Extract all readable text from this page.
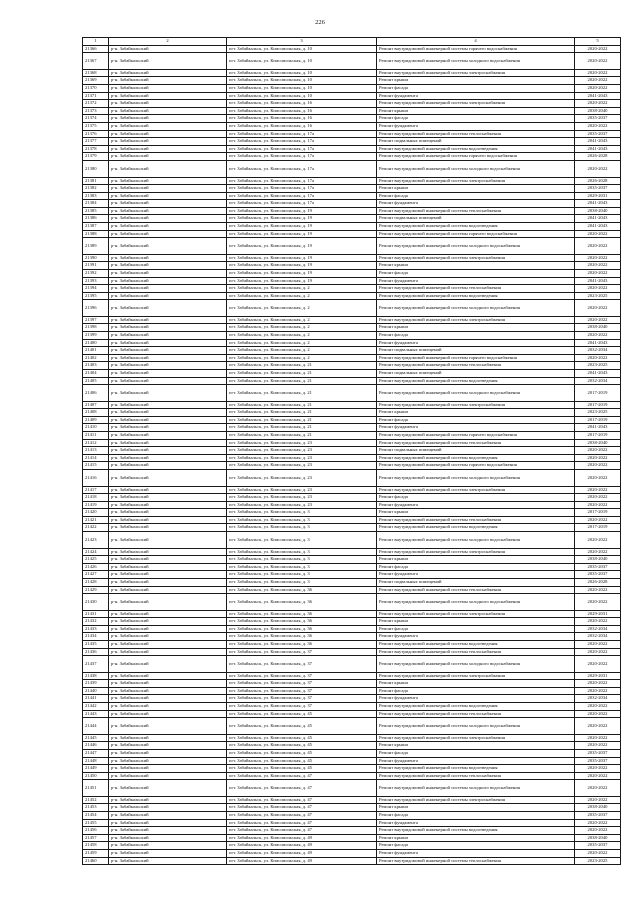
226
1	2	3	4	5
21366	р-н. Забайкальский	пгт. Забайкальск, ул. Комсомольская, д. 10	Ремонт внутридомовой инженерной системы горячего водоснабжения	2020-2022
21367	р-н. Забайкальский	пгт. Забайкальск, ул. Комсомольская, д. 10	Ремонт внутридомовой инженерной системы холодного водоснабжения	2020-2022
21368	р-н. Забайкальский	пгт. Забайкальск, ул. Комсомольская, д. 10	Ремонт внутридомовой инженерной системы электроснабжения	2020-2022
21369	р-н. Забайкальский	пгт. Забайкальск, ул. Комсомольская, д. 10	Ремонт крыши	2020-2022
21370	р-н. Забайкальский	пгт. Забайкальск, ул. Комсомольская, д. 10	Ремонт фасада	2020-2022
21371	р-н. Забайкальский	пгт. Забайкальск, ул. Комсомольская, д. 10	Ремонт фундамента	2041-2043
21372	р-н. Забайкальский	пгт. Забайкальск, ул. Комсомольская, д. 16	Ремонт внутридомовой инженерной системы электроснабжения	2020-2022
21373	р-н. Забайкальский	пгт. Забайкальск, ул. Комсомольская, д. 16	Ремонт крыши	2038-2040
21374	р-н. Забайкальский	пгт. Забайкальск, ул. Комсомольская, д. 16	Ремонт фасада	2035-2037
21375	р-н. Забайкальский	пгт. Забайкальск, ул. Комсомольская, д. 16	Ремонт фундамента	2020-2022
21376	р-н. Забайкальский	пгт. Забайкальск, ул. Комсомольская, д. 17а	Ремонт внутридомовой инженерной системы теплоснабжения	2035-2037
21377	р-н. Забайкальский	пгт. Забайкальск, ул. Комсомольская, д. 17а	Ремонт подвальных помещений	2041-2043
21378	р-н. Забайкальский	пгт. Забайкальск, ул. Комсомольская, д. 17а	Ремонт внутридомовой инженерной системы водоотведения	2041-2043
21379	р-н. Забайкальский	пгт. Забайкальск, ул. Комсомольская, д. 17а	Ремонт внутридомовой инженерной системы горячего водоснабжения	2026-2028
21380	р-н. Забайкальский	пгт. Забайкальск, ул. Комсомольская, д. 17а	Ремонт внутридомовой инженерной системы холодного водоснабжения	2020-2022
21381	р-н. Забайкальский	пгт. Забайкальск, ул. Комсомольская, д. 17а	Ремонт внутридомовой инженерной системы электроснабжения	2026-2028
21382	р-н. Забайкальский	пгт. Забайкальск, ул. Комсомольская, д. 17а	Ремонт крыши	2035-2037
21383	р-н. Забайкальский	пгт. Забайкальск, ул. Комсомольская, д. 17а	Ремонт фасада	2029-2031
21384	р-н. Забайкальский	пгт. Забайкальск, ул. Комсомольская, д. 17а	Ремонт фундамента	2041-2043
21385	р-н. Забайкальский	пгт. Забайкальск, ул. Комсомольская, д. 19	Ремонт внутридомовой инженерной системы теплоснабжения	2038-2040
21386	р-н. Забайкальский	пгт. Забайкальск, ул. Комсомольская, д. 19	Ремонт подвальных помещений	2041-2043
21387	р-н. Забайкальский	пгт. Забайкальск, ул. Комсомольская, д. 19	Ремонт внутридомовой инженерной системы водоотведения	2041-2043
21388	р-н. Забайкальский	пгт. Забайкальск, ул. Комсомольская, д. 19	Ремонт внутридомовой инженерной системы горячего водоснабжения	2020-2022
21389	р-н. Забайкальский	пгт. Забайкальск, ул. Комсомольская, д. 19	Ремонт внутридомовой инженерной системы холодного водоснабжения	2020-2022
21390	р-н. Забайкальский	пгт. Забайкальск, ул. Комсомольская, д. 19	Ремонт внутридомовой инженерной системы электроснабжения	2020-2022
21391	р-н. Забайкальский	пгт. Забайкальск, ул. Комсомольская, д. 19	Ремонт крыши	2020-2022
21392	р-н. Забайкальский	пгт. Забайкальск, ул. Комсомольская, д. 19	Ремонт фасада	2020-2022
21393	р-н. Забайкальский	пгт. Забайкальск, ул. Комсомольская, д. 19	Ремонт фундамента	2041-2043
21394	р-н. Забайкальский	пгт. Забайкальск, ул. Комсомольская, д. 2	Ремонт внутридомовой инженерной системы теплоснабжения	2020-2022
21395	р-н. Забайкальский	пгт. Забайкальск, ул. Комсомольская, д. 2	Ремонт внутридомовой инженерной системы водоотведения	2023-2025
21396	р-н. Забайкальский	пгт. Забайкальск, ул. Комсомольская, д. 2	Ремонт внутридомовой инженерной системы холодного водоснабжения	2020-2022
21397	р-н. Забайкальский	пгт. Забайкальск, ул. Комсомольская, д. 2	Ремонт внутридомовой инженерной системы электроснабжения	2020-2022
21398	р-н. Забайкальский	пгт. Забайкальск, ул. Комсомольская, д. 2	Ремонт крыши	2038-2040
21399	р-н. Забайкальский	пгт. Забайкальск, ул. Комсомольская, д. 2	Ремонт фасада	2020-2022
21400	р-н. Забайкальский	пгт. Забайкальск, ул. Комсомольская, д. 2	Ремонт фундамента	2041-2043
21401	р-н. Забайкальский	пгт. Забайкальск, ул. Комсомольская, д. 2	Ремонт подвальных помещений	2032-2034
21402	р-н. Забайкальский	пгт. Забайкальск, ул. Комсомольская, д. 2	Ремонт внутридомовой инженерной системы горячего водоснабжения	2020-2022
21403	р-н. Забайкальский	пгт. Забайкальск, ул. Комсомольская, д. 21	Ремонт внутридомовой инженерной системы теплоснабжения	2023-2025
21404	р-н. Забайкальский	пгт. Забайкальск, ул. Комсомольская, д. 21	Ремонт подвальных помещений	2041-2043
21405	р-н. Забайкальский	пгт. Забайкальск, ул. Комсомольская, д. 21	Ремонт внутридомовой инженерной системы водоотведения	2032-2034
21406	р-н. Забайкальский	пгт. Забайкальск, ул. Комсомольская, д. 21	Ремонт внутридомовой инженерной системы холодного водоснабжения	2017-2019
21407	р-н. Забайкальский	пгт. Забайкальск, ул. Комсомольская, д. 21	Ремонт внутридомовой инженерной системы электроснабжения	2017-2019
21408	р-н. Забайкальский	пгт. Забайкальск, ул. Комсомольская, д. 21	Ремонт крыши	2023-2025
21409	р-н. Забайкальский	пгт. Забайкальск, ул. Комсомольская, д. 21	Ремонт фасада	2017-2019
21410	р-н. Забайкальский	пгт. Забайкальск, ул. Комсомольская, д. 21	Ремонт фундамента	2041-2043
21411	р-н. Забайкальский	пгт. Забайкальск, ул. Комсомольская, д. 21	Ремонт внутридомовой инженерной системы горячего водоснабжения	2017-2019
21412	р-н. Забайкальский	пгт. Забайкальск, ул. Комсомольская, д. 23	Ремонт внутридомовой инженерной системы теплоснабжения	2038-2040
21413	р-н. Забайкальский	пгт. Забайкальск, ул. Комсомольская, д. 23	Ремонт подвальных помещений	2020-2022
21414	р-н. Забайкальский	пгт. Забайкальск, ул. Комсомольская, д. 23	Ремонт внутридомовой инженерной системы водоотведения	2020-2022
21415	р-н. Забайкальский	пгт. Забайкальск, ул. Комсомольская, д. 23	Ремонт внутридомовой инженерной системы горячего водоснабжения	2020-2022
21416	р-н. Забайкальский	пгт. Забайкальск, ул. Комсомольская, д. 23	Ремонт внутридомовой инженерной системы холодного водоснабжения	2020-2022
21417	р-н. Забайкальский	пгт. Забайкальск, ул. Комсомольская, д. 23	Ремонт внутридомовой инженерной системы электроснабжения	2020-2022
21418	р-н. Забайкальский	пгт. Забайкальск, ул. Комсомольская, д. 23	Ремонт фасада	2020-2022
21419	р-н. Забайкальский	пгт. Забайкальск, ул. Комсомольская, д. 23	Ремонт фундамента	2020-2022
21420	р-н. Забайкальский	пгт. Забайкальск, ул. Комсомольская, д. 3	Ремонт крыши	2017-2019
21421	р-н. Забайкальский	пгт. Забайкальск, ул. Комсомольская, д. 3	Ремонт внутридомовой инженерной системы теплоснабжения	2020-2022
21422	р-н. Забайкальский	пгт. Забайкальск, ул. Комсомольская, д. 3	Ремонт внутридомовой инженерной системы водоотведения	2017-2019
21423	р-н. Забайкальский	пгт. Забайкальск, ул. Комсомольская, д. 3	Ремонт внутридомовой инженерной системы холодного водоснабжения	2020-2022
21424	р-н. Забайкальский	пгт. Забайкальск, ул. Комсомольская, д. 3	Ремонт внутридомовой инженерной системы электроснабжения	2020-2022
21425	р-н. Забайкальский	пгт. Забайкальск, ул. Комсомольская, д. 3	Ремонт крыши	2038-2040
21426	р-н. Забайкальский	пгт. Забайкальск, ул. Комсомольская, д. 3	Ремонт фасада	2035-2037
21427	р-н. Забайкальский	пгт. Забайкальск, ул. Комсомольская, д. 3	Ремонт фундамента	2035-2037
21428	р-н. Забайкальский	пгт. Забайкальск, ул. Комсомольская, д. 3	Ремонт подвальных помещений	2026-2028
21429	р-н. Забайкальский	пгт. Забайкальск, ул. Комсомольская, д. 36	Ремонт внутридомовой инженерной системы теплоснабжения	2020-2022
21430	р-н. Забайкальский	пгт. Забайкальск, ул. Комсомольская, д. 36	Ремонт внутридомовой инженерной системы холодного водоснабжения	2020-2022
21431	р-н. Забайкальский	пгт. Забайкальск, ул. Комсомольская, д. 36	Ремонт внутридомовой инженерной системы электроснабжения	2029-2031
21432	р-н. Забайкальский	пгт. Забайкальск, ул. Комсомольская, д. 36	Ремонт крыши	2020-2022
21433	р-н. Забайкальский	пгт. Забайкальск, ул. Комсомольская, д. 36	Ремонт фасада	2032-2034
21434	р-н. Забайкальский	пгт. Забайкальск, ул. Комсомольская, д. 36	Ремонт фундамента	2032-2034
21435	р-н. Забайкальский	пгт. Забайкальск, ул. Комсомольская, д. 36	Ремонт внутридомовой инженерной системы водоотведения	2020-2022
21436	р-н. Забайкальский	пгт. Забайкальск, ул. Комсомольская, д. 37	Ремонт внутридомовой инженерной системы теплоснабжения	2020-2022
21437	р-н. Забайкальский	пгт. Забайкальск, ул. Комсомольская, д. 37	Ремонт внутридомовой инженерной системы холодного водоснабжения	2020-2022
21438	р-н. Забайкальский	пгт. Забайкальск, ул. Комсомольская, д. 37	Ремонт внутридомовой инженерной системы электроснабжения	2029-2031
21439	р-н. Забайкальский	пгт. Забайкальск, ул. Комсомольская, д. 37	Ремонт крыши	2020-2022
21440	р-н. Забайкальский	пгт. Забайкальск, ул. Комсомольская, д. 37	Ремонт фасада	2020-2022
21441	р-н. Забайкальский	пгт. Забайкальск, ул. Комсомольская, д. 37	Ремонт фундамента	2032-2034
21442	р-н. Забайкальский	пгт. Забайкальск, ул. Комсомольская, д. 37	Ремонт внутридомовой инженерной системы водоотведения	2020-2022
21443	р-н. Забайкальский	пгт. Забайкальск, ул. Комсомольская, д. 45	Ремонт внутридомовой инженерной системы теплоснабжения	2020-2022
21444	р-н. Забайкальский	пгт. Забайкальск, ул. Комсомольская, д. 45	Ремонт внутридомовой инженерной системы холодного водоснабжения	2020-2022
21445	р-н. Забайкальский	пгт. Забайкальск, ул. Комсомольская, д. 45	Ремонт внутридомовой инженерной системы электроснабжения	2020-2022
21446	р-н. Забайкальский	пгт. Забайкальск, ул. Комсомольская, д. 45	Ремонт крыши	2020-2022
21447	р-н. Забайкальский	пгт. Забайкальск, ул. Комсомольская, д. 45	Ремонт фасада	2035-2037
21448	р-н. Забайкальский	пгт. Забайкальск, ул. Комсомольская, д. 45	Ремонт фундамента	2035-2037
21449	р-н. Забайкальский	пгт. Забайкальск, ул. Комсомольская, д. 45	Ремонт внутридомовой инженерной системы водоотведения	2020-2022
21450	р-н. Забайкальский	пгт. Забайкальск, ул. Комсомольская, д. 47	Ремонт внутридомовой инженерной системы теплоснабжения	2020-2022
21451	р-н. Забайкальский	пгт. Забайкальск, ул. Комсомольская, д. 47	Ремонт внутридомовой инженерной системы холодного водоснабжения	2020-2022
21452	р-н. Забайкальский	пгт. Забайкальск, ул. Комсомольская, д. 47	Ремонт внутридомовой инженерной системы электроснабжения	2020-2022
21453	р-н. Забайкальский	пгт. Забайкальск, ул. Комсомольская, д. 47	Ремонт крыши	2038-2040
21454	р-н. Забайкальский	пгт. Забайкальск, ул. Комсомольская, д. 47	Ремонт фасада	2035-2037
21455	р-н. Забайкальский	пгт. Забайкальск, ул. Комсомольская, д. 47	Ремонт фундамента	2020-2022
21456	р-н. Забайкальский	пгт. Забайкальск, ул. Комсомольская, д. 47	Ремонт внутридомовой инженерной системы водоотведения	2020-2022
21457	р-н. Забайкальский	пгт. Забайкальск, ул. Комсомольская, д. 49	Ремонт крыши	2038-2040
21458	р-н. Забайкальский	пгт. Забайкальск, ул. Комсомольская, д. 49	Ремонт фасада	2035-2037
21459	р-н. Забайкальский	пгт. Забайкальск, ул. Комсомольская, д. 49	Ремонт фундамента	2020-2022
21460	р-н. Забайкальский	пгт. Забайкальск, ул. Комсомольская, д. 49	Ремонт внутридомовой инженерной системы теплоснабжения	2023-2025
